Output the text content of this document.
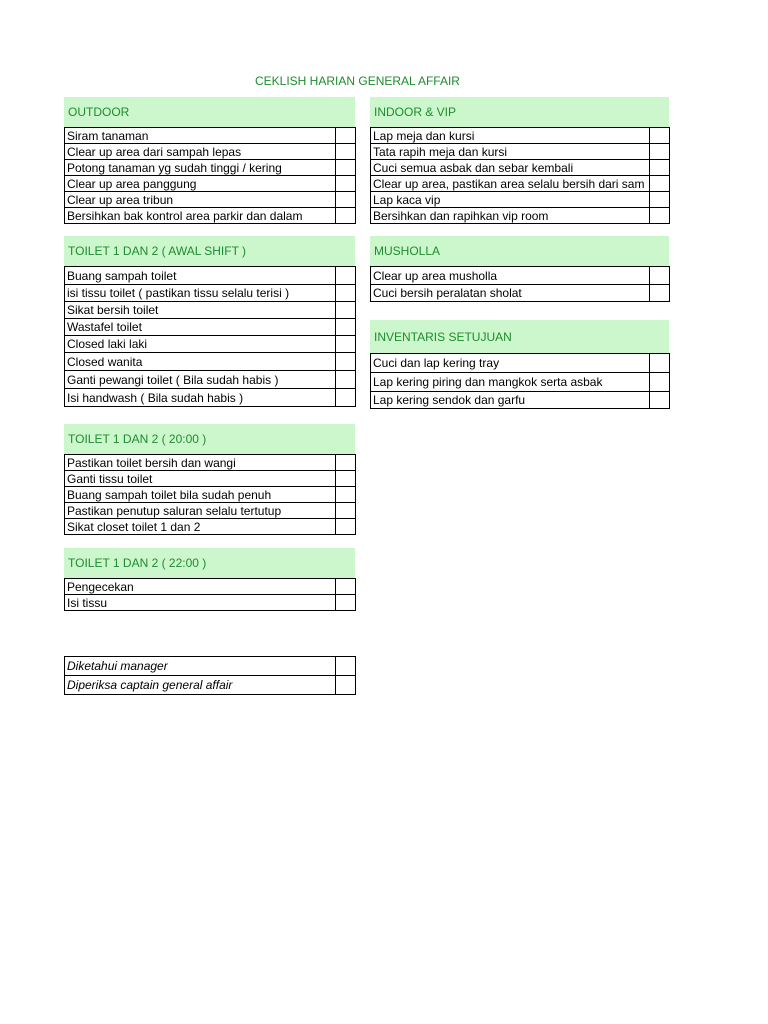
CEKLISH HARIAN GENERAL AFFAIR
OUTDOOR
Siram tanaman	
Clear up area dari sampah lepas	
Potong tanaman yg sudah tinggi / kering	
Clear up area panggung	
Clear up area tribun	
Bersihkan bak kontrol area parkir dan dalam	
INDOOR & VIP
Lap meja dan kursi	
Tata rapih meja dan kursi	
Cuci semua asbak dan sebar kembali	
Clear up area, pastikan area selalu bersih dari sam	
Lap kaca vip	
Bersihkan dan rapihkan vip room	
TOILET 1 DAN 2 ( AWAL SHIFT )
Buang sampah toilet	
isi tissu toilet ( pastikan tissu selalu terisi )	
Sikat bersih toilet	
Wastafel toilet	
Closed laki laki	
Closed wanita	
Ganti pewangi toilet ( Bila sudah habis )	
Isi handwash ( Bila sudah habis )	
MUSHOLLA
Clear up area musholla	
Cuci bersih peralatan sholat	
INVENTARIS SETUJUAN
Cuci dan lap kering tray	
Lap kering piring dan mangkok serta asbak	
Lap kering sendok dan garfu	
TOILET 1 DAN 2 ( 20:00 )
Pastikan toilet bersih dan wangi	
Ganti tissu toilet	
Buang sampah toilet bila sudah penuh	
Pastikan penutup saluran selalu tertutup	
Sikat closet toilet 1 dan 2	
TOILET 1 DAN 2 ( 22:00 )
Pengecekan	
Isi tissu	
Diketahui manager	
Diperiksa captain general affair	
